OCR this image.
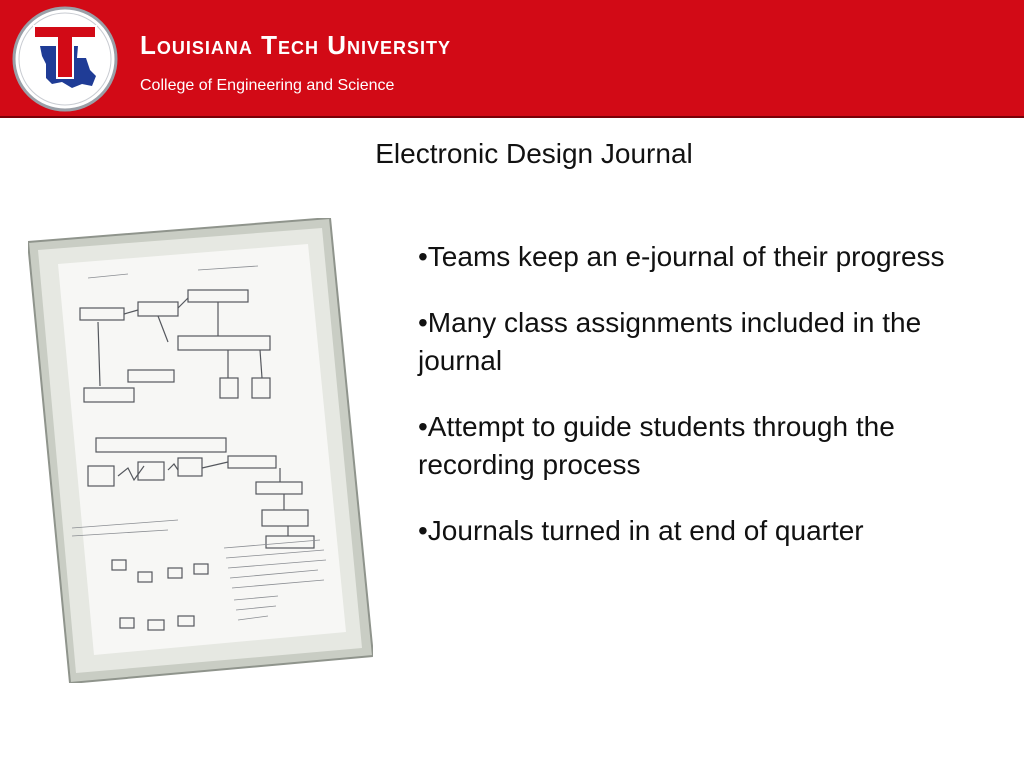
Louisiana Tech University
College of Engineering and Science
Electronic Design Journal
•Teams keep an e-journal of their progress
•Many class assignments included in the journal
•Attempt to guide students through the recording process
•Journals turned in at end of quarter
